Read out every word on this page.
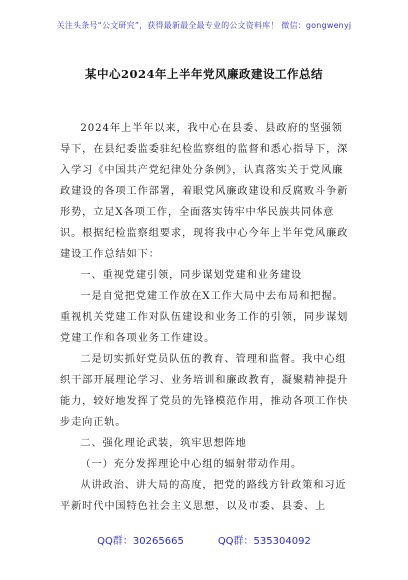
关注头条号“公文研究”，获得最新最全最专业的公文资料库！ 微信：gongwenyj
某中心2024年上半年党风廉政建设工作总结

2024年上半年以来，我中心在县委、县政府的坚强领导下，在县纪委监委驻纪检监察组的监督和悉心指导下，深入学习《中国共产党纪律处分条例》，认真落实关于党风廉政建设的各项工作部署，着眼党风廉政建设和反腐败斗争新形势，立足X各项工作，全面落实铸牢中华民族共同体意识。根据纪检监察组要求，现将我中心今年上半年党风廉政建设工作总结如下：

一、重视党建引领，同步谋划党建和业务建设

一是自觉把党建工作放在X工作大局中去布局和把握。重视机关党建工作对队伍建设和业务工作的引领，同步谋划党建工作和各项业务工作建设。

二是切实抓好党员队伍的教育、管理和监督。我中心组织干部开展理论学习、业务培训和廉政教育，凝聚精神提升能力，较好地发挥了党员的先锋模范作用，推动各项工作快步走向正轨。

二、强化理论武装，筑牢思想阵地

（一）充分发挥理论中心组的辐射带动作用。

从讲政治、讲大局的高度，把党的路线方针政策和习近平新时代中国特色社会主义思想，以及市委、县委、上

QQ群：30265665	QQ群：535304092
